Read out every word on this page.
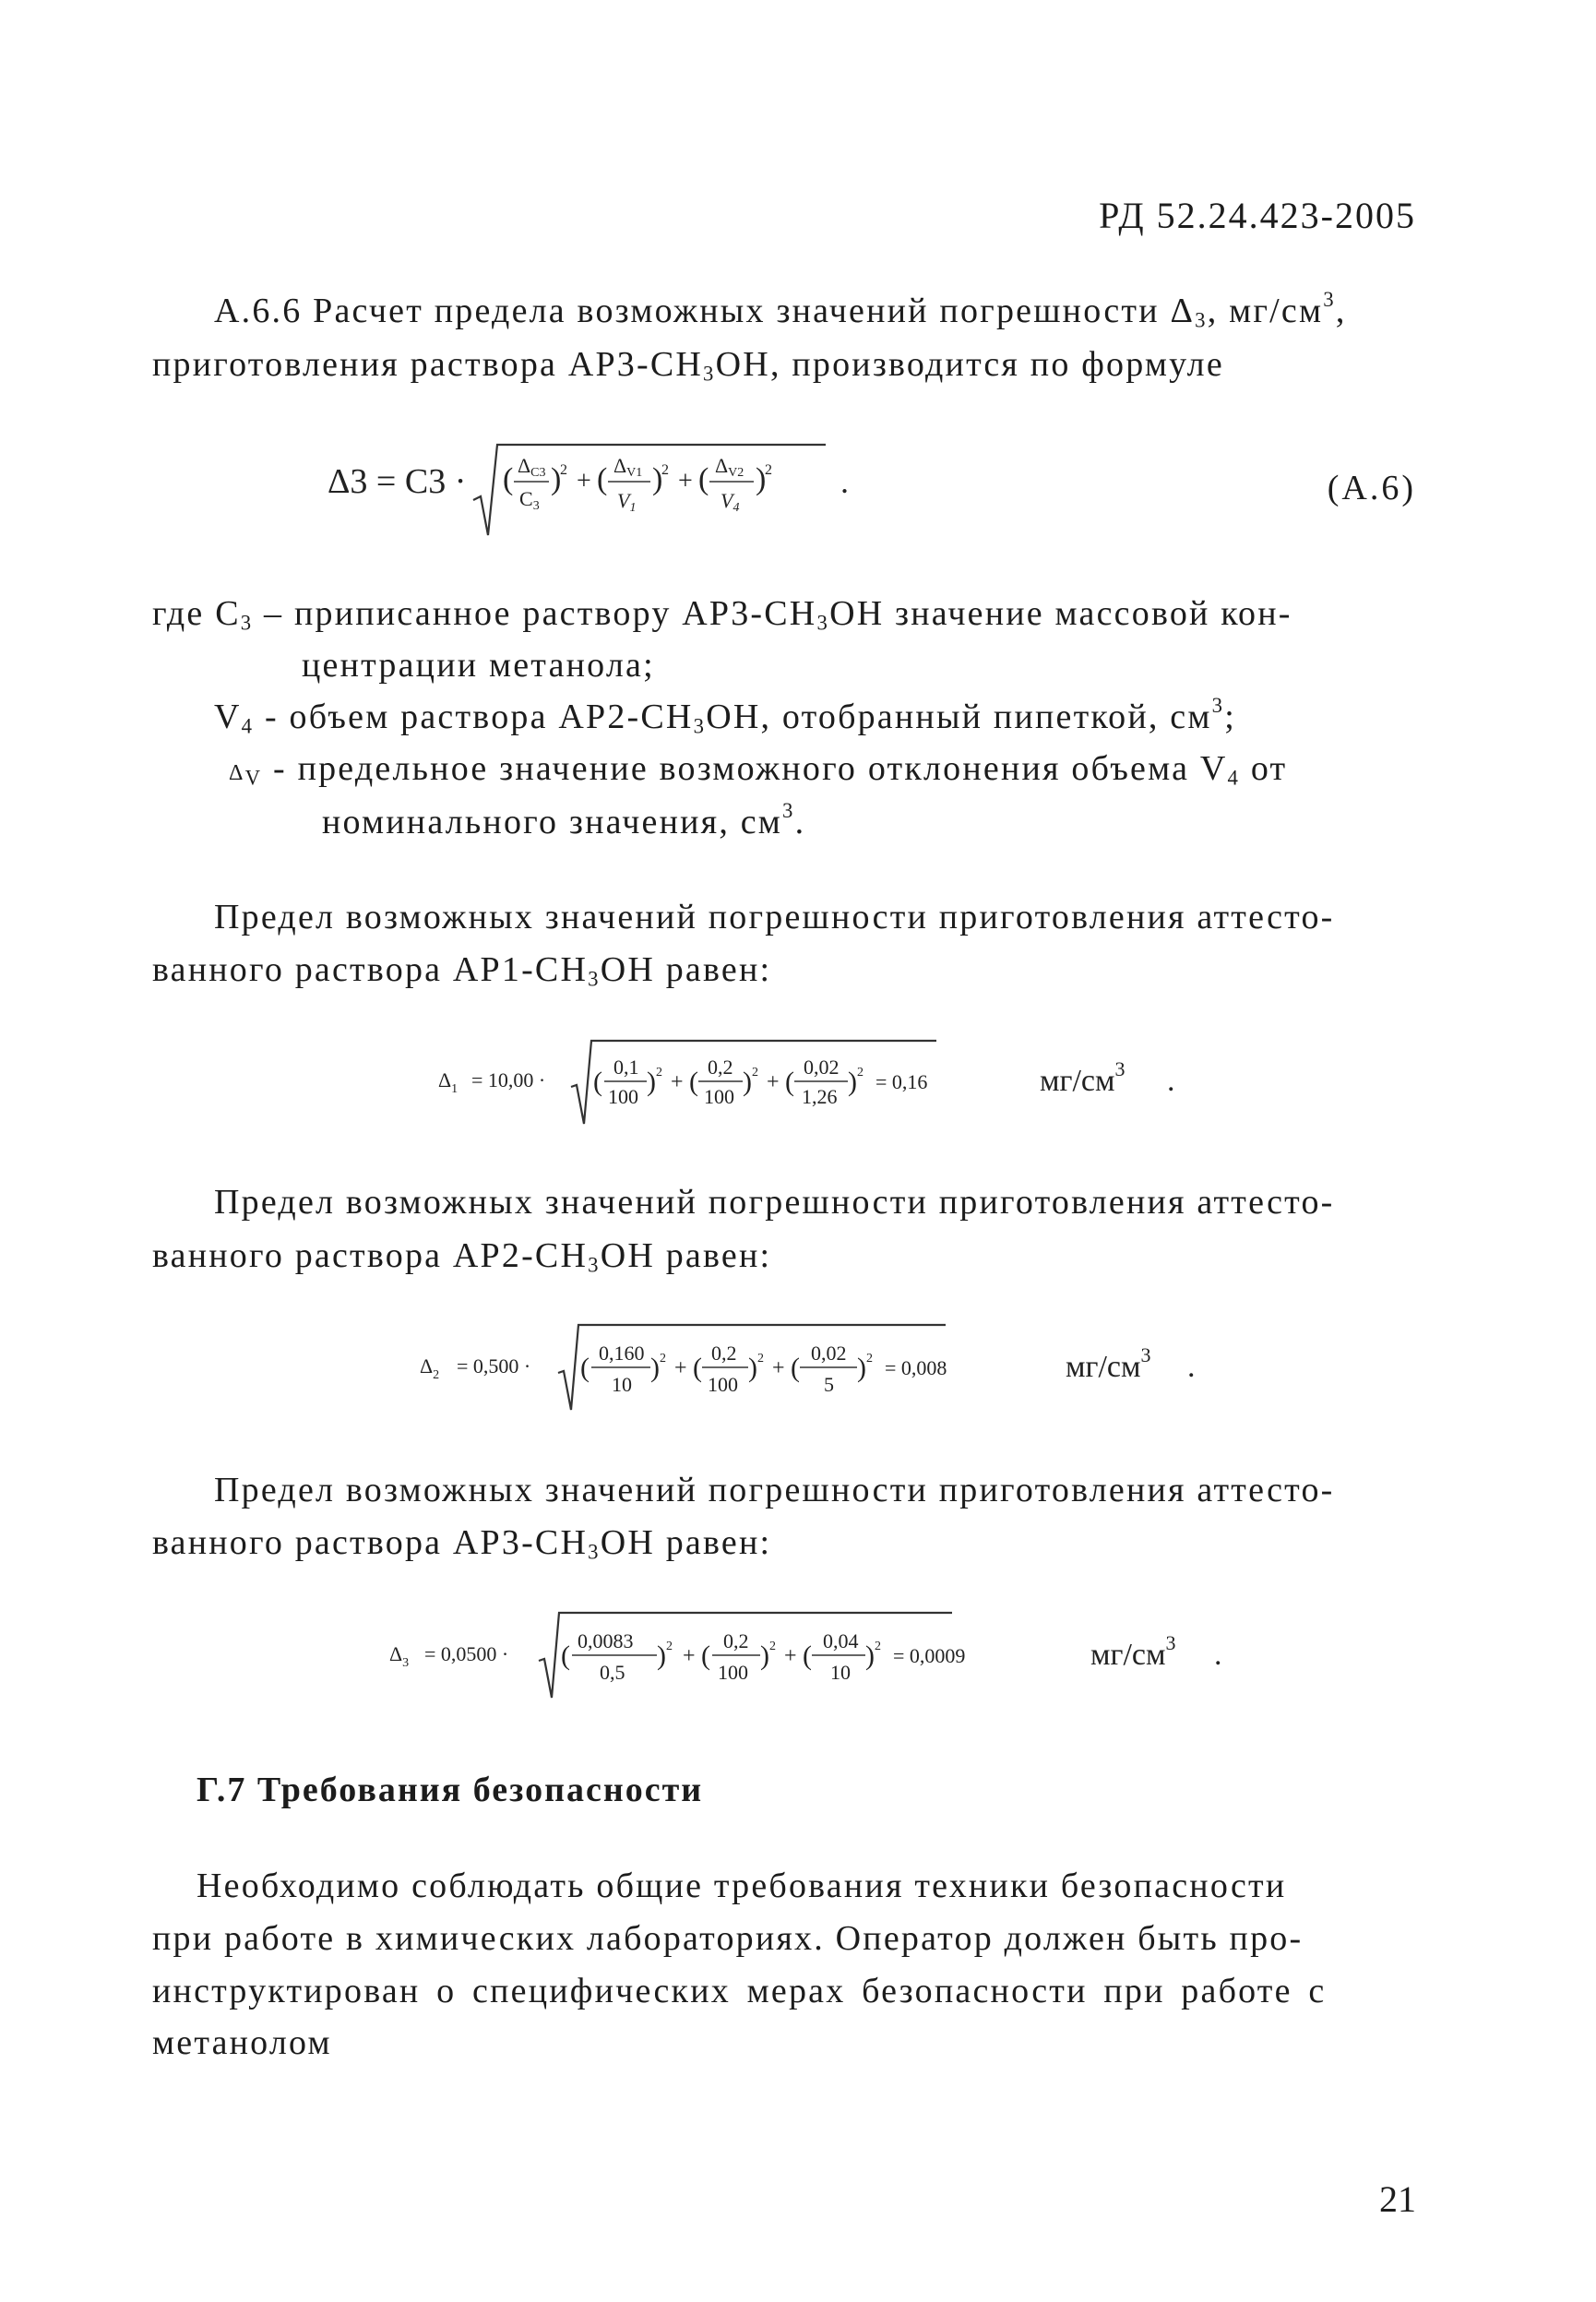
РД 52.24.423-2005
А.6.6 Расчет предела возможных значений погрешности $\Delta_3$, $мг/см^3$,
приготовления раствора $АР3-СН_3ОН$, производится по формуле
Δ3 = C3 · ( ΔC3
C3
)
2 + ( ΔV1
V1
)
2 + ( ΔV2
V4
)
2 .	(А.6)
где $С_3$ – приписанное раствору $АР3-СН_3ОН$ значение массовой кон-
центрации метанола;
$V_4$ - объем раствора $АР2-СН_3ОН$, отобранный пипеткой, $см^3$;
$\Delta_V$ - предельное значение возможного отклонения объема $V_4$ от
номинального значения, $см^3$.
Предел возможных значений погрешности приготовления аттесто-
ванного раствора $АР1-СН_3ОН$ равен:
$\Delta_1 = 10,00$ · ( 0,1
100 ) 2 + ( 0,2
100 ) 2 + ( 0,02
1,26 ) 2 = 0,16	$мг/см^3$ .
Предел возможных значений погрешности приготовления аттесто-
ванного раствора $АР2-СН_3ОН$ равен:
$\Delta_2 = 0,500$ · ( 0,160
10
) 2 + ( 0,2
100
) 2 + ( 0,02
5
) 2 = 0,008	$мг/см^3$ .
Предел возможных значений погрешности приготовления аттесто-
ванного раствора $АР3-СН_3ОН$ равен:
$\Delta_3 = 0,0500$ · ( 0,0083
0,5
) 2 + ( 0,2
100
) 2 + ( 0,04
10
) 2 = 0,0009	$мг/см^3$ .
Г.7 Требования безопасности
Необходимо соблюдать общие требования техники безопасности
при работе в химических лабораториях. Оператор должен быть про-
инструктирован о специфических мерах безопасности при работе с
метанолом
21
